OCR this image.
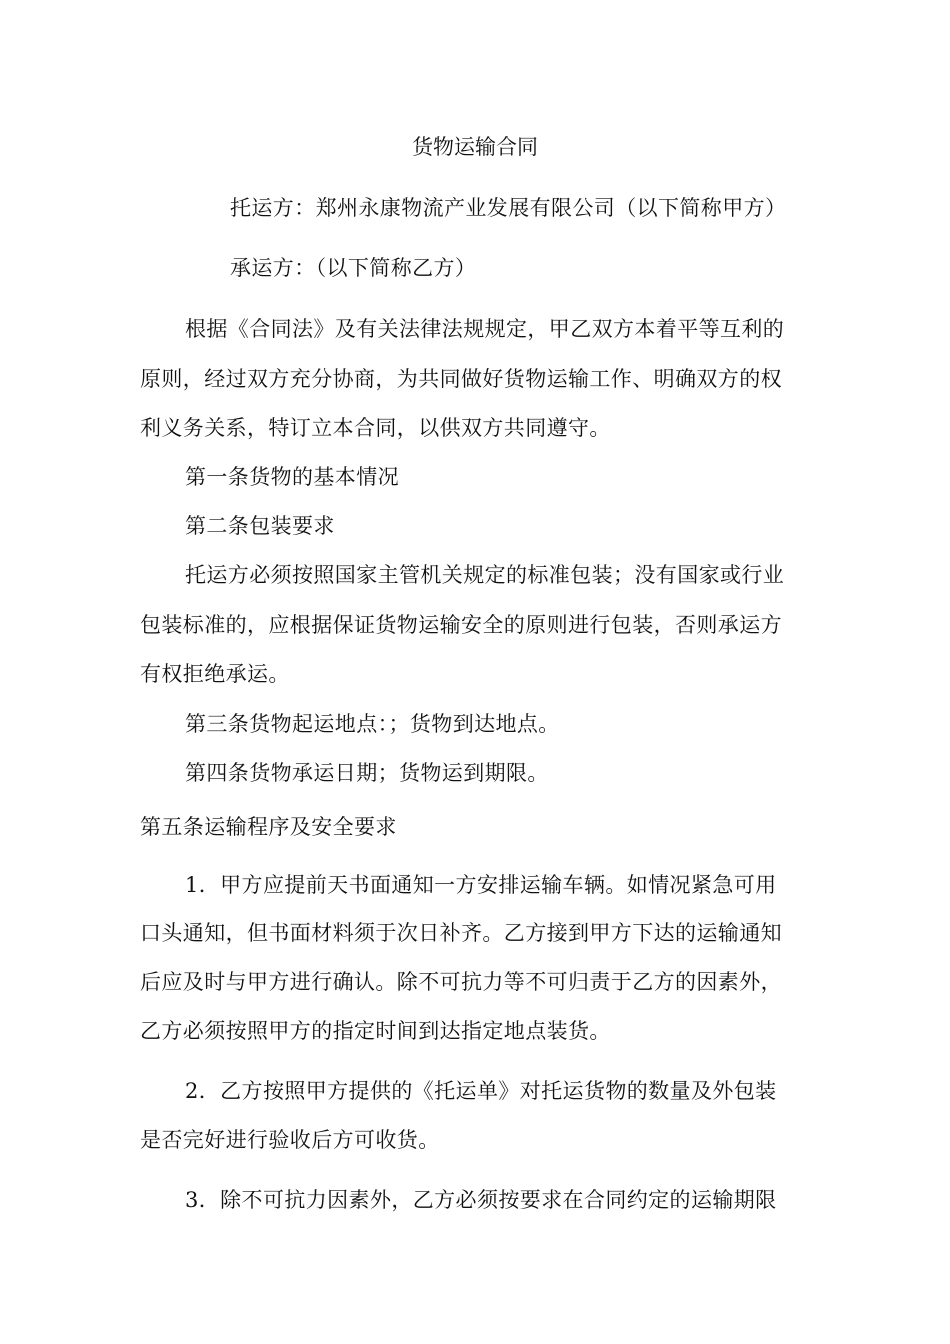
货物运输合同
托运方：郑州永康物流产业发展有限公司（以下简称甲方）
承运方：（以下简称乙方）
根据《合同法》及有关法律法规规定，甲乙双方本着平等互利的
原则，经过双方充分协商，为共同做好货物运输工作、明确双方的权
利义务关系，特订立本合同，以供双方共同遵守。
第一条货物的基本情况
第二条包装要求
托运方必须按照国家主管机关规定的标准包装；没有国家或行业
包装标准的，应根据保证货物运输安全的原则进行包装，否则承运方
有权拒绝承运。
第三条货物起运地点：；货物到达地点。
第四条货物承运日期；货物运到期限。
第五条运输程序及安全要求
1．甲方应提前天书面通知一方安排运输车辆。如情况紧急可用
口头通知，但书面材料须于次日补齐。乙方接到甲方下达的运输通知
后应及时与甲方进行确认。除不可抗力等不可归责于乙方的因素外，
乙方必须按照甲方的指定时间到达指定地点装货。
2．乙方按照甲方提供的《托运单》对托运货物的数量及外包装
是否完好进行验收后方可收货。
3．除不可抗力因素外，乙方必须按要求在合同约定的运输期限
